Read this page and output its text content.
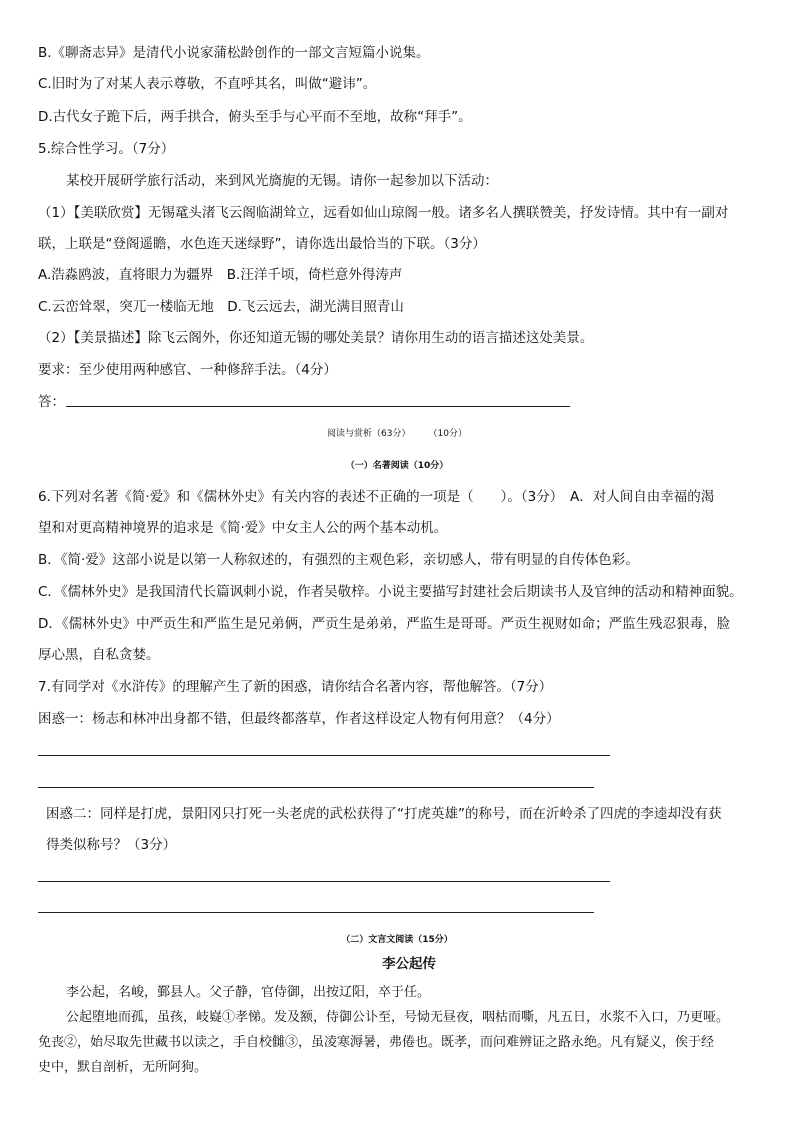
B.《聊斋志异》是清代小说家蒲松龄创作的一部文言短篇小说集。
C.旧时为了对某人表示尊敬，不直呼其名，叫做“避讳”。
D.古代女子跪下后，两手拱合，俯头至手与心平而不至地，故称“拜手”。
5.综合性学习。（7分）
某校开展研学旅行活动，来到风光旖旎的无锡。请你一起参加以下活动：
（1）【美联欣赏】无锡鼋头渚飞云阁临湖耸立，远看如仙山琼阁一般。诸多名人撰联赞美，抒发诗情。其中有一副对
联，上联是“登阁遥瞻，水色连天迷绿野”，请你选出最恰当的下联。（3分）
A.浩淼鸥波，直将眼力为疆界　B.汪洋千顷，倚栏意外得涛声
C.云峦耸翠，突兀一楼临无地　D.飞云远去，湖光满目照青山
（2）【美景描述】除飞云阁外，你还知道无锡的哪处美景？请你用生动的语言描述这处美景。
要求：至少使用两种感官、一种修辞手法。（4分）
答：
阅读与赏析（63分）　　　（10分）
（一）名著阅读（10分）
6.下列对名著《简·爱》和《儒林外史》有关内容的表述不正确的一项是（　　）。（3分）　A．对人间自由幸福的渴
望和对更高精神境界的追求是《简·爱》中女主人公的两个基本动机。
B．《简·爱》这部小说是以第一人称叙述的，有强烈的主观色彩，亲切感人，带有明显的自传体色彩。
C．《儒林外史》是我国清代长篇讽刺小说，作者吴敬梓。小说主要描写封建社会后期读书人及官绅的活动和精神面貌。
D．《儒林外史》中严贡生和严监生是兄弟俩，严贡生是弟弟，严监生是哥哥。严贡生视财如命；严监生残忍狠毒，脸
厚心黑，自私贪婪。
7.有同学对《水浒传》的理解产生了新的困惑，请你结合名著内容，帮他解答。（7分）
困惑一：杨志和林冲出身都不错，但最终都落草，作者这样设定人物有何用意？（4分）
困惑二：同样是打虎，景阳冈只打死一头老虎的武松获得了“打虎英雄”的称号，而在沂岭杀了四虎的李逵却没有获
得类似称号？（3分）
（二）文言文阅读（15分）
李公起传
李公起，名峻，鄞县人。父子静，官侍御，出按辽阳，卒于任。
公起堕地而孤，虽孩，岐嶷①孝悌。发及额，侍御公讣至，号恸无昼夜，咽枯而嘶，凡五日，水浆不入口，乃更哑。
免丧②，始尽取先世藏书以读之，手自校雠③，虽凌寒溽暑，弗倦也。既孝，而问难辨证之路永绝。凡有疑义，俟于经
史中，默自剖析，无所阿狗。
